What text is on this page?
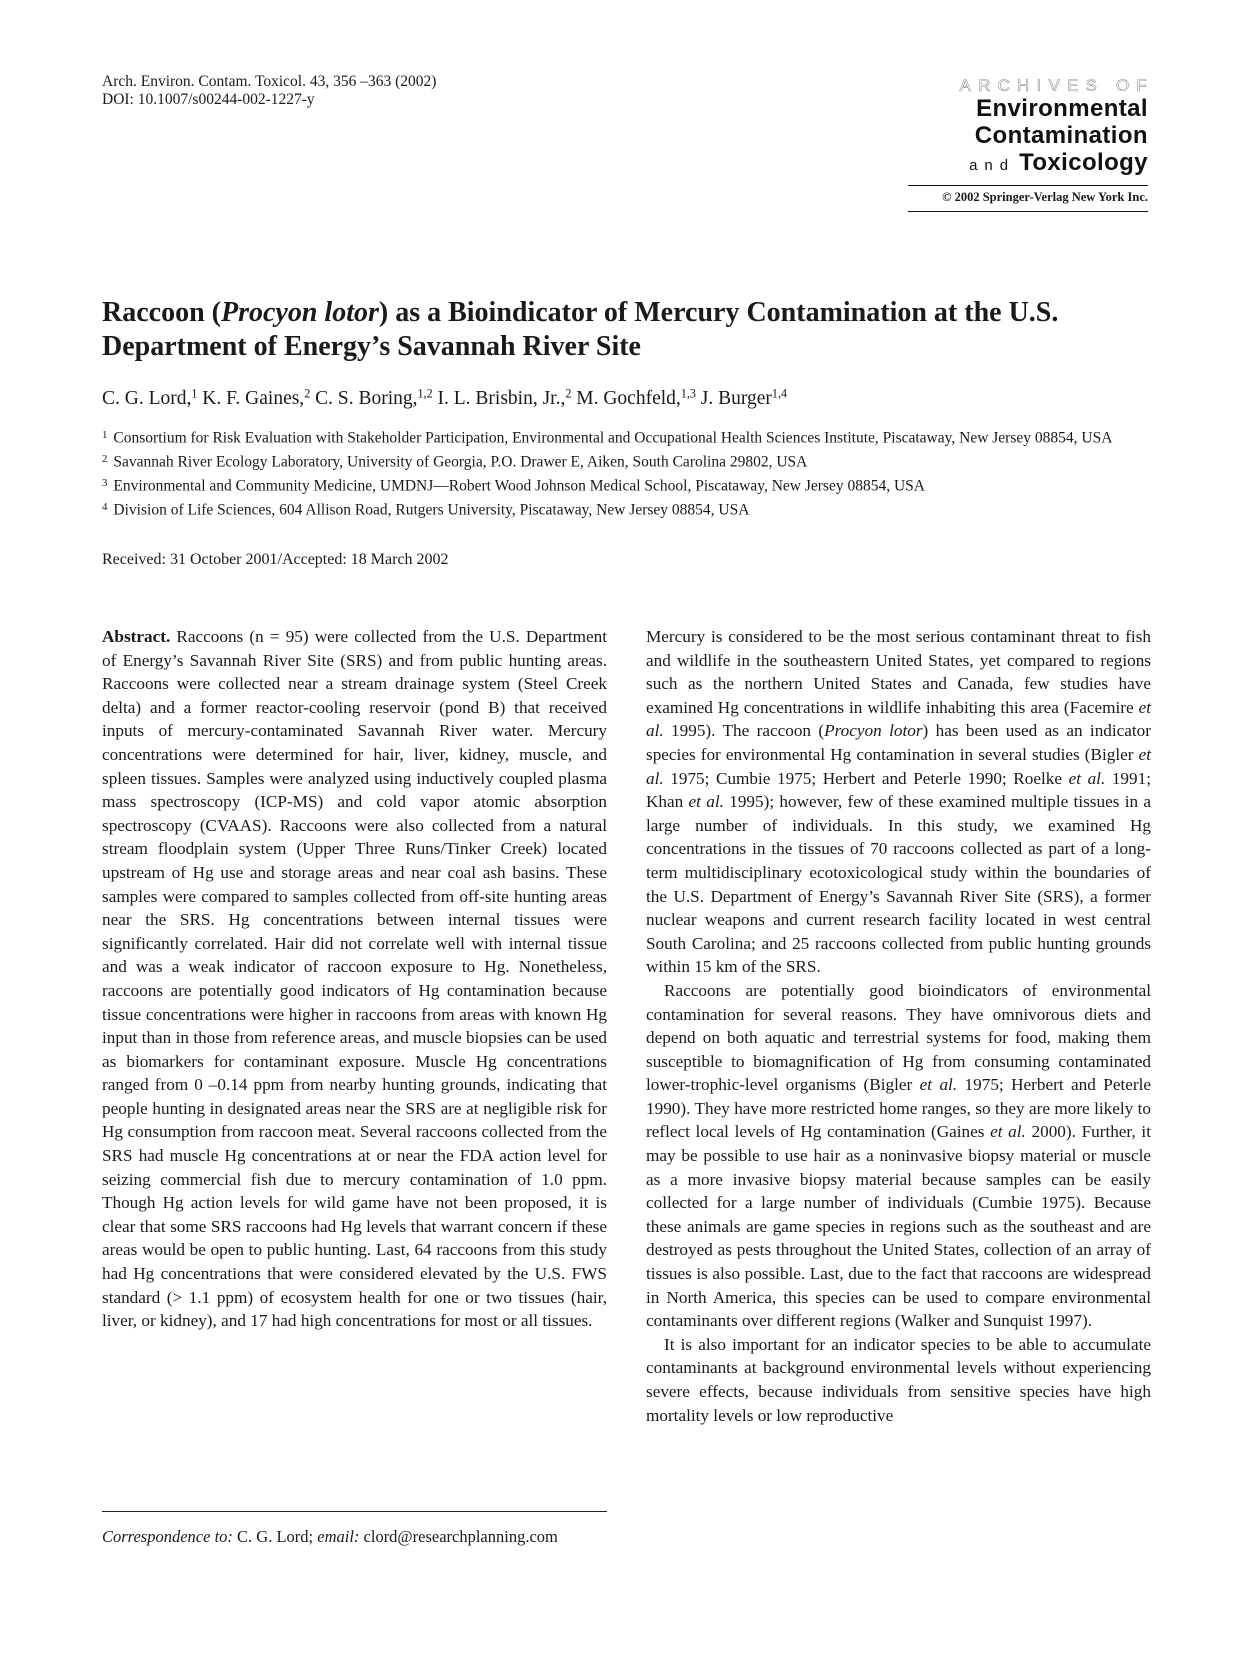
Arch. Environ. Contam. Toxicol. 43, 356 –363 (2002)
DOI: 10.1007/s00244-002-1227-y
ARCHIVES OF
Environmental
Contamination
and Toxicology
© 2002 Springer-Verlag New York Inc.
Raccoon (Procyon lotor) as a Bioindicator of Mercury Contamination at the U.S. Department of Energy’s Savannah River Site
C. G. Lord,$^1$ K. F. Gaines,$^2$ C. S. Boring,$^{1,2}$ I. L. Brisbin, Jr.,$^2$ M. Gochfeld,$^{1,3}$ J. Burger$^{1,4}$
$^1$ Consortium for Risk Evaluation with Stakeholder Participation, Environmental and Occupational Health Sciences Institute, Piscataway, New Jersey 08854, USA
$^2$ Savannah River Ecology Laboratory, University of Georgia, P.O. Drawer E, Aiken, South Carolina 29802, USA
$^3$ Environmental and Community Medicine, UMDNJ—Robert Wood Johnson Medical School, Piscataway, New Jersey 08854, USA
$^4$ Division of Life Sciences, 604 Allison Road, Rutgers University, Piscataway, New Jersey 08854, USA
Received: 31 October 2001/Accepted: 18 March 2002

Abstract. Raccoons (n = 95) were collected from the U.S. Department of Energy’s Savannah River Site (SRS) and from public hunting areas. Raccoons were collected near a stream drainage system (Steel Creek delta) and a former reactor-cooling reservoir (pond B) that received inputs of mercury-contaminated Savannah River water. Mercury concentrations were determined for hair, liver, kidney, muscle, and spleen tissues. Samples were analyzed using inductively coupled plasma mass spectroscopy (ICP-MS) and cold vapor atomic absorption spectroscopy (CVAAS). Raccoons were also collected from a natural stream floodplain system (Upper Three Runs/Tinker Creek) located upstream of Hg use and storage areas and near coal ash basins. These samples were compared to samples collected from off-site hunting areas near the SRS. Hg concentrations between internal tissues were significantly correlated. Hair did not correlate well with internal tissue and was a weak indicator of raccoon exposure to Hg. Nonetheless, raccoons are potentially good indicators of Hg contamination because tissue concentrations were higher in raccoons from areas with known Hg input than in those from reference areas, and muscle biopsies can be used as biomarkers for contaminant exposure. Muscle Hg concentrations ranged from 0 –0.14 ppm from nearby hunting grounds, indicating that people hunting in designated areas near the SRS are at negligible risk for Hg consumption from raccoon meat. Several raccoons collected from the SRS had muscle Hg concentrations at or near the FDA action level for seizing commercial fish due to mercury contamination of 1.0 ppm. Though Hg action levels for wild game have not been proposed, it is clear that some SRS raccoons had Hg levels that warrant concern if these areas would be open to public hunting. Last, 64 raccoons from this study had Hg concentrations that were considered elevated by the U.S. FWS standard (> 1.1 ppm) of ecosystem health for one or two tissues (hair, liver, or kidney), and 17 had high concentrations for most or all tissues.

Correspondence to: C. G. Lord; email: clord@researchplanning.com

Mercury is considered to be the most serious contaminant threat to fish and wildlife in the southeastern United States, yet compared to regions such as the northern United States and Canada, few studies have examined Hg concentrations in wildlife inhabiting this area (Facemire et al. 1995). The raccoon (Procyon lotor) has been used as an indicator species for environmental Hg contamination in several studies (Bigler et al. 1975; Cumbie 1975; Herbert and Peterle 1990; Roelke et al. 1991; Khan et al. 1995); however, few of these examined multiple tissues in a large number of individuals. In this study, we examined Hg concentrations in the tissues of 70 raccoons collected as part of a long-term multidisciplinary ecotoxicological study within the boundaries of the U.S. Department of Energy’s Savannah River Site (SRS), a former nuclear weapons and current research facility located in west central South Carolina; and 25 raccoons collected from public hunting grounds within 15 km of the SRS.

Raccoons are potentially good bioindicators of environmental contamination for several reasons. They have omnivorous diets and depend on both aquatic and terrestrial systems for food, making them susceptible to biomagnification of Hg from consuming contaminated lower-trophic-level organisms (Bigler et al. 1975; Herbert and Peterle 1990). They have more restricted home ranges, so they are more likely to reflect local levels of Hg contamination (Gaines et al. 2000). Further, it may be possible to use hair as a noninvasive biopsy material or muscle as a more invasive biopsy material because samples can be easily collected for a large number of individuals (Cumbie 1975). Because these animals are game species in regions such as the southeast and are destroyed as pests throughout the United States, collection of an array of tissues is also possible. Last, due to the fact that raccoons are widespread in North America, this species can be used to compare environmental contaminants over different regions (Walker and Sunquist 1997).

It is also important for an indicator species to be able to accumulate contaminants at background environmental levels without experiencing severe effects, because individuals from sensitive species have high mortality levels or low reproductive
